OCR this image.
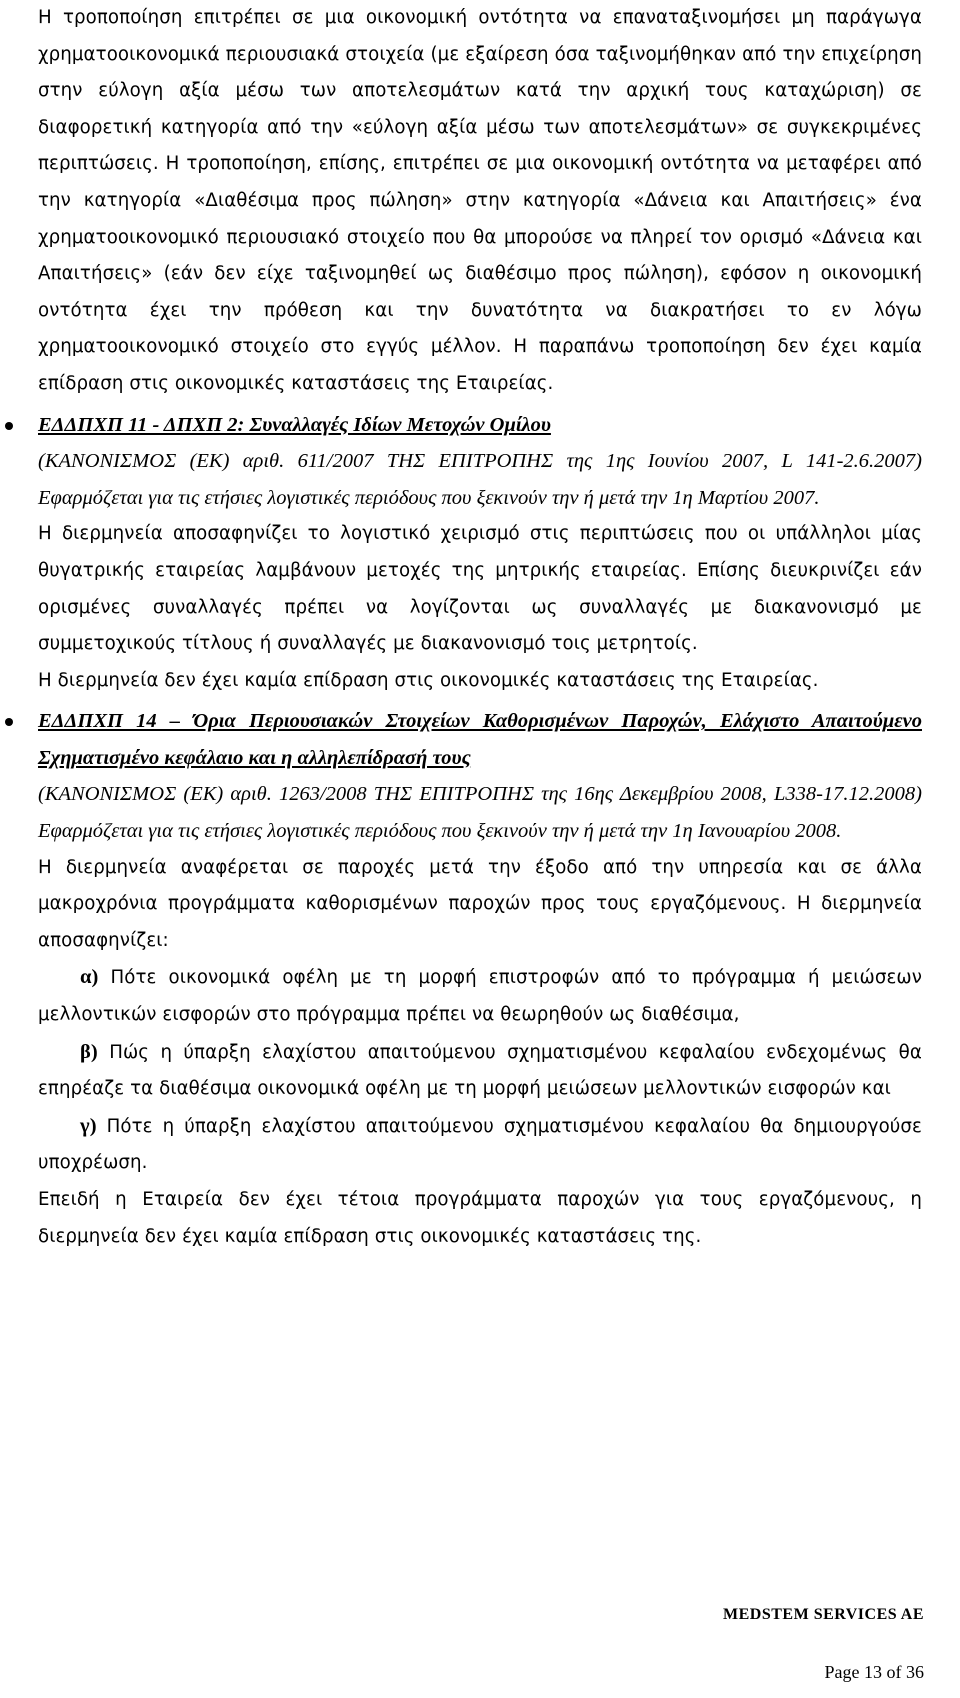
Η τροποποίηση επιτρέπει σε μια οικονομική οντότητα να επαναταξινομήσει μη παράγωγα χρηματοοικονομικά περιουσιακά στοιχεία (με εξαίρεση όσα ταξινομήθηκαν από την επιχείρηση στην εύλογη αξία μέσω των αποτελεσμάτων κατά την αρχική τους καταχώριση) σε διαφορετική κατηγορία από την «εύλογη αξία μέσω των αποτελεσμάτων» σε συγκεκριμένες περιπτώσεις. Η τροποποίηση, επίσης, επιτρέπει σε μια οικονομική οντότητα να μεταφέρει από την κατηγορία «Διαθέσιμα προς πώληση» στην κατηγορία «Δάνεια και Απαιτήσεις» ένα χρηματοοικονομικό περιουσιακό στοιχείο που θα μπορούσε να πληρεί τον ορισμό «Δάνεια και Απαιτήσεις» (εάν δεν είχε ταξινομηθεί ως διαθέσιμο προς πώληση), εφόσον η οικονομική οντότητα έχει την πρόθεση και την δυνατότητα να διακρατήσει το εν λόγω χρηματοοικονομικό στοιχείο στο εγγύς μέλλον. Η παραπάνω τροποποίηση δεν έχει καμία επίδραση στις οικονομικές καταστάσεις της Εταιρείας.

ΕΔΔΠΧΠ 11 - ΔΠΧΠ 2: Συναλλαγές Ιδίων Μετοχών Ομίλου

(ΚΑΝΟΝΙΣΜΟΣ (ΕΚ) αριθ. 611/2007 ΤΗΣ ΕΠΙΤΡΟΠΗΣ της 1ης Ιουνίου 2007, L 141-2.6.2007) Εφαρμόζεται για τις ετήσιες λογιστικές περιόδους που ξεκινούν την ή μετά την 1η Μαρτίου 2007.

Η διερμηνεία αποσαφηνίζει το λογιστικό χειρισμό στις περιπτώσεις που οι υπάλληλοι μίας θυγατρικής εταιρείας λαμβάνουν μετοχές της μητρικής εταιρείας. Επίσης διευκρινίζει εάν ορισμένες συναλλαγές πρέπει να λογίζονται ως συναλλαγές με διακανονισμό με συμμετοχικούς τίτλους ή συναλλαγές με διακανονισμό τοις μετρητοίς.

Η διερμηνεία δεν έχει καμία επίδραση στις οικονομικές καταστάσεις της Εταιρείας.

ΕΔΔΠΧΠ 14 – Όρια Περιουσιακών Στοιχείων Καθορισμένων Παροχών, Ελάχιστο Απαιτούμενο Σχηματισμένο κεφάλαιο και η αλληλεπίδρασή τους

(ΚΑΝΟΝΙΣΜΟΣ (ΕΚ) αριθ. 1263/2008 ΤΗΣ ΕΠΙΤΡΟΠΗΣ της 16ης Δεκεμβρίου 2008, L338-17.12.2008) Εφαρμόζεται για τις ετήσιες λογιστικές περιόδους που ξεκινούν την ή μετά την 1η Ιανουαρίου 2008.

Η διερμηνεία αναφέρεται σε παροχές μετά την έξοδο από την υπηρεσία και σε άλλα μακροχρόνια προγράμματα καθορισμένων παροχών προς τους εργαζόμενους. Η διερμηνεία αποσαφηνίζει:

α) Πότε οικονομικά οφέλη με τη μορφή επιστροφών από το πρόγραμμα ή μειώσεων μελλοντικών εισφορών στο πρόγραμμα πρέπει να θεωρηθούν ως διαθέσιμα,

β) Πώς η ύπαρξη ελαχίστου απαιτούμενου σχηματισμένου κεφαλαίου ενδεχομένως θα επηρέαζε τα διαθέσιμα οικονομικά οφέλη με τη μορφή μειώσεων μελλοντικών εισφορών και

γ) Πότε η ύπαρξη ελαχίστου απαιτούμενου σχηματισμένου κεφαλαίου θα δημιουργούσε υποχρέωση.

Επειδή η Εταιρεία δεν έχει τέτοια προγράμματα παροχών για τους εργαζόμενους, η διερμηνεία δεν έχει καμία επίδραση στις οικονομικές καταστάσεις της.

MEDSTEM SERVICES AE
Page 13 of 36
